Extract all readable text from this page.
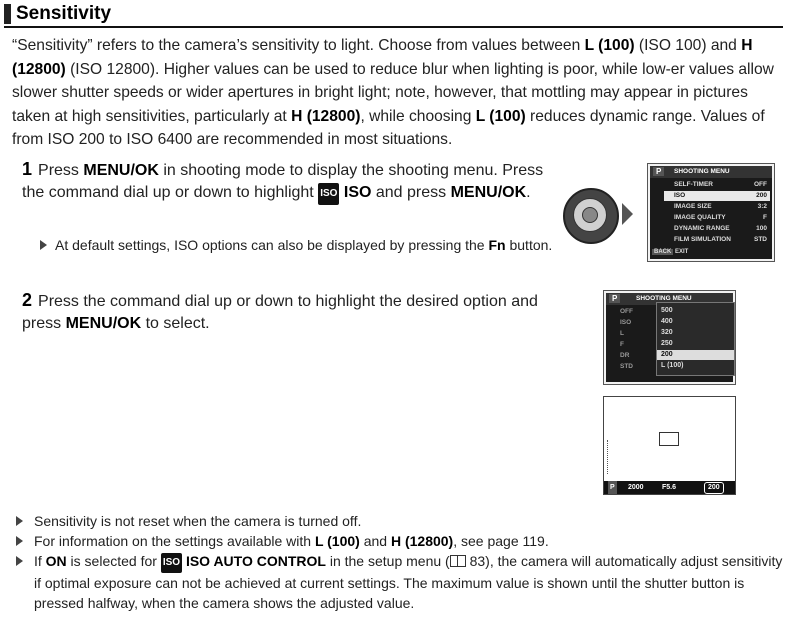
Sensitivity
“Sensitivity” refers to the camera’s sensitivity to light. Choose from values between L (100) (ISO 100) and H (12800) (ISO 12800). Higher values can be used to reduce blur when lighting is poor, while low-er values allow slower shutter speeds or wider apertures in bright light; note, however, that mottling may appear in pictures taken at high sensitivities, particularly at H (12800), while choosing L (100) reduces dynamic range. Values of from ISO 200 to ISO 6400 are recommended in most situations.
1 Press MENU/OK in shooting mode to display the shooting menu. Press the command dial up or down to highlight ISO ISO and press MENU/OK.
At default settings, ISO options can also be displayed by pressing the Fn button.
2 Press the command dial up or down to highlight the desired option and press MENU/OK to select.
P	SHOOTING MENU
SELF-TIMER	OFF
ISO	200
IMAGE SIZE	3:2
IMAGE QUALITY	F
DYNAMIC RANGE	100
FILM SIMULATION	STD
BACK EXIT
P	SHOOTING MENU
OFF
ISO
L
F
DR
STD
500
400
320
250
200
L (100)
P 2000	F5.6	200
Sensitivity is not reset when the camera is turned off.
For information on the settings available with L (100) and H (12800), see page 119.
If ON is selected for ISO ISO AUTO CONTROL in the setup menu ( 83), the camera will automatically adjust sensitivity if optimal exposure can not be achieved at current settings. The maximum value is shown until the shutter button is pressed halfway, when the camera shows the adjusted value.
